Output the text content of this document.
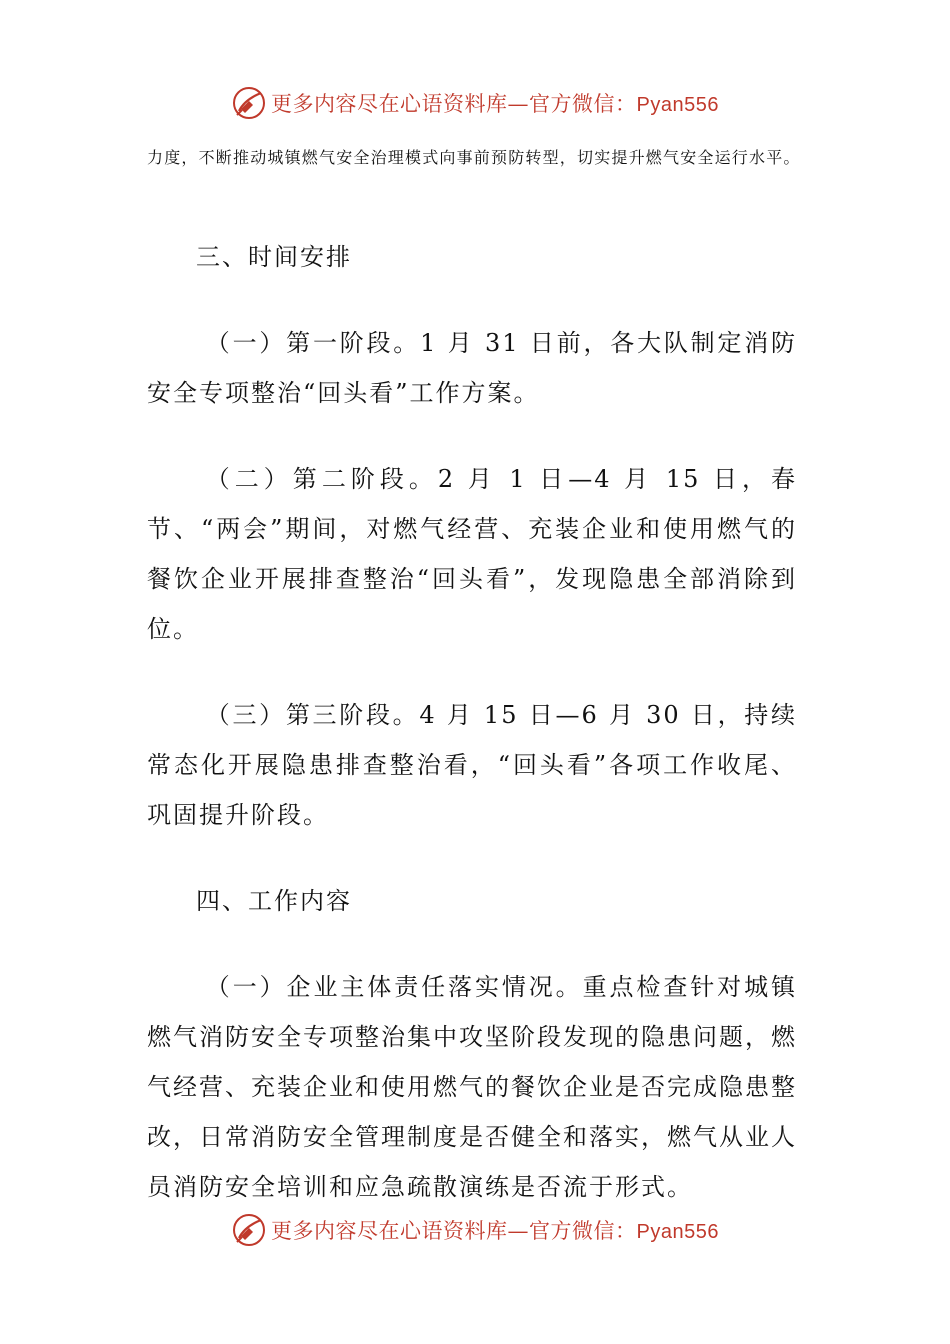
更多内容尽在心语资料库—官方微信：Pyan556

力度，不断推动城镇燃气安全治理模式向事前预防转型，切实提升燃气安全运行水平。

三、时间安排

（一）第一阶段。1 月 31 日前，各大队制定消防安全专项整治“回头看”工作方案。

（二）第二阶段。2 月 1 日—4 月 15 日，春节、“两会”期间，对燃气经营、充装企业和使用燃气的餐饮企业开展排查整治“回头看”，发现隐患全部消除到位。

（三）第三阶段。4 月 15 日—6 月 30 日，持续常态化开展隐患排查整治看，“回头看”各项工作收尾、巩固提升阶段。

四、工作内容

（一）企业主体责任落实情况。重点检查针对城镇燃气消防安全专项整治集中攻坚阶段发现的隐患问题，燃气经营、充装企业和使用燃气的餐饮企业是否完成隐患整改，日常消防安全管理制度是否健全和落实，燃气从业人员消防安全培训和应急疏散演练是否流于形式。

更多内容尽在心语资料库—官方微信：Pyan556
